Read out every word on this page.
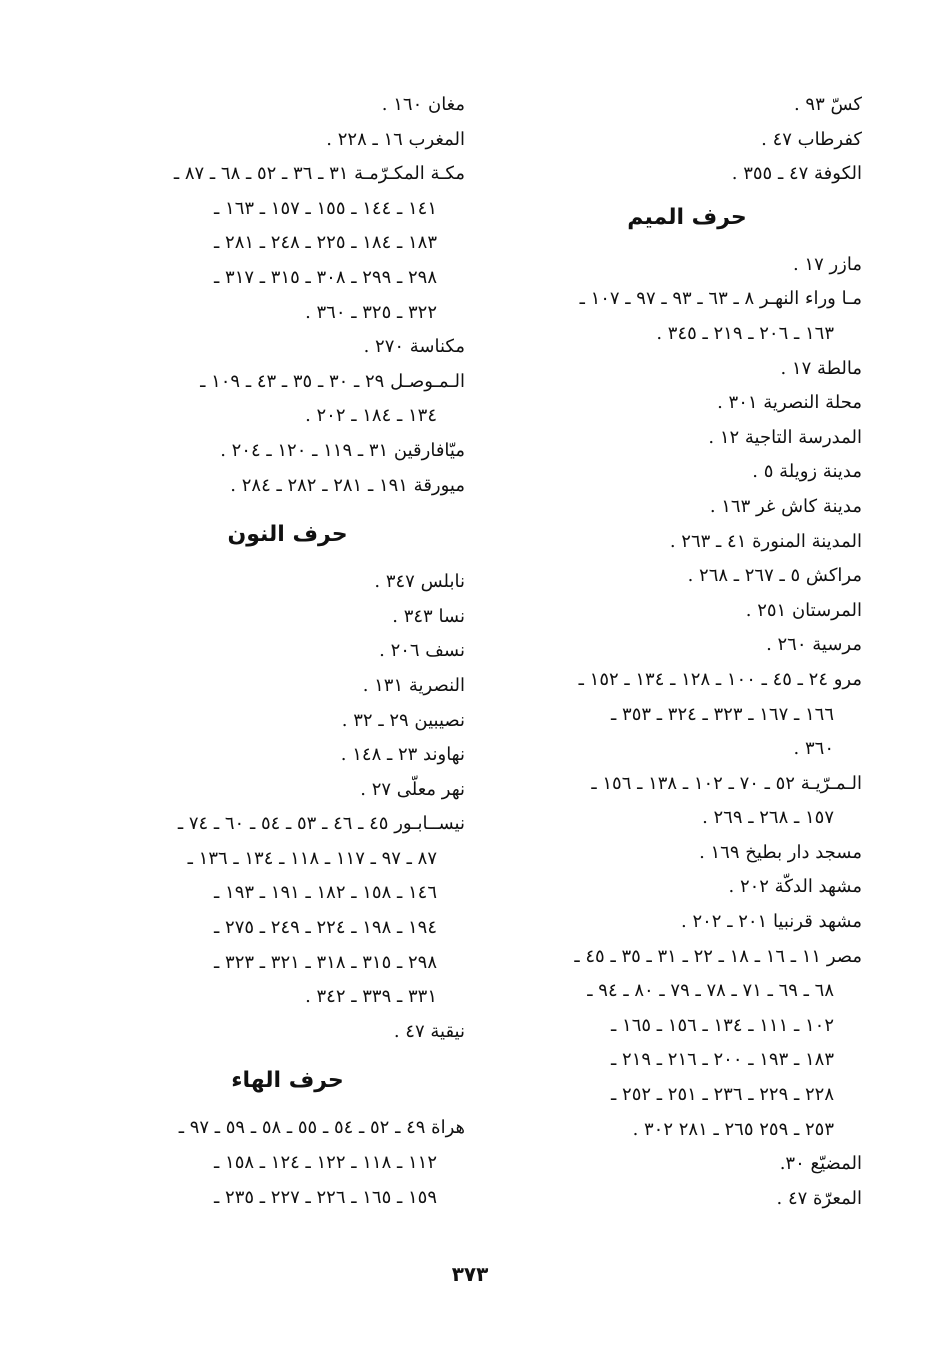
كسّ ٩٣ .

كفرطاب ٤٧ .

الكوفة ٤٧ ـ ٣٥٥ .

حرف الميم

مازر ١٧ .

مـا وراء النهـر ٨ ـ ٦٣ ـ ٩٣ ـ ٩٧ ـ ١٠٧ ـ
١٦٣ ـ ٢٠٦ ـ ٢١٩ ـ ٣٤٥ .

مالطة ١٧ .

محلة النصرية ٣٠١ .

المدرسة التاجية ١٢ .

مدينة زويلة ٥ .

مدينة كاش غر ١٦٣ .

المدينة المنورة ٤١ ـ ٢٦٣ .

مراكش ٥ ـ ٢٦٧ ـ ٢٦٨ .

المرستان ٢٥١ .

مرسية ٢٦٠ .

مرو ٢٤ ـ ٤٥ ـ ١٠٠ ـ ١٢٨ ـ ١٣٤ ـ ١٥٢ ـ
١٦٦ ـ ١٦٧ ـ ٣٢٣ ـ ٣٢٤ ـ ٣٥٣ ـ
٣٦٠ .

الـمـرّيـة ٥٢ ـ ٧٠ ـ ١٠٢ ـ ١٣٨ ـ ١٥٦ ـ
١٥٧ ـ ٢٦٨ ـ ٢٦٩ .

مسجد دار بطيخ ١٦٩ .

مشهد الدكّة ٢٠٢ .

مشهد قرنبيا ٢٠١ ـ ٢٠٢ .

مصر ١١ ـ ١٦ ـ ١٨ ـ ٢٢ ـ ٣١ ـ ٣٥ ـ ٤٥ ـ
٦٨ ـ ٦٩ ـ ٧١ ـ ٧٨ ـ ٧٩ ـ ٨٠ ـ ٩٤ ـ
١٠٢ ـ ١١١ ـ ١٣٤ ـ ١٥٦ ـ ١٦٥ ـ
١٨٣ ـ ١٩٣ ـ ٢٠٠ ـ ٢١٦ ـ ٢١٩ ـ
٢٢٨ ـ ٢٢٩ ـ ٢٣٦ ـ ٢٥١ ـ ٢٥٢ ـ
٢٥٣ ـ ٢٥٩ ٢٦٥ ـ ٢٨١ ٣٠٢ .

المضيّع ٣٠.

المعرّة ٤٧ .

مغان ١٦٠ .

المغرب ١٦ ـ ٢٢٨ .

مكـة المكـرّمـة ٣١ ـ ٣٦ ـ ٥٢ ـ ٦٨ ـ ٨٧ ـ
١٤١ ـ ١٤٤ ـ ١٥٥ ـ ١٥٧ ـ ١٦٣ ـ
١٨٣ ـ ١٨٤ ـ ٢٢٥ ـ ٢٤٨ ـ ٢٨١ ـ
٢٩٨ ـ ٢٩٩ ـ ٣٠٨ ـ ٣١٥ ـ ٣١٧ ـ
٣٢٢ ـ ٣٢٥ ـ ٣٦٠ .

مكناسة ٢٧٠ .

الـمـوصـل ٢٩ ـ ٣٠ ـ ٣٥ ـ ٤٣ ـ ١٠٩ ـ
١٣٤ ـ ١٨٤ ـ ٢٠٢ .

ميّافارقين ٣١ ـ ١١٩ ـ ١٢٠ ـ ٢٠٤ .

ميورقة ١٩١ ـ ٢٨١ ـ ٢٨٢ ـ ٢٨٤ .

حرف النون

نابلس ٣٤٧ .

نسا ٣٤٣ .

نسف ٢٠٦ .

النصرية ١٣١ .

نصيبين ٢٩ ـ ٣٢ .

نهاوند ٢٣ ـ ١٤٨ .

نهر معلّى ٢٧ .

نيســابـور ٤٥ ـ ٤٦ ـ ٥٣ ـ ٥٤ ـ ٦٠ ـ ٧٤ ـ
٨٧ ـ ٩٧ ـ ١١٧ ـ ١١٨ ـ ١٣٤ ـ ١٣٦ ـ
١٤٦ ـ ١٥٨ ـ ١٨٢ ـ ١٩١ ـ ١٩٣ ـ
١٩٤ ـ ١٩٨ ـ ٢٢٤ ـ ٢٤٩ ـ ٢٧٥ ـ
٢٩٨ ـ ٣١٥ ـ ٣١٨ ـ ٣٢١ ـ ٣٢٣ ـ
٣٣١ ـ ٣٣٩ ـ ٣٤٢ .

نيقية ٤٧ .

حرف الهاء

هراة ٤٩ ـ ٥٢ ـ ٥٤ ـ ٥٥ ـ ٥٨ ـ ٥٩ ـ ٩٧ ـ
١١٢ ـ ١١٨ ـ ١٢٢ ـ ١٢٤ ـ ١٥٨ ـ
١٥٩ ـ ١٦٥ ـ ٢٢٦ ـ ٢٢٧ ـ ٢٣٥ ـ

٣٧٣
